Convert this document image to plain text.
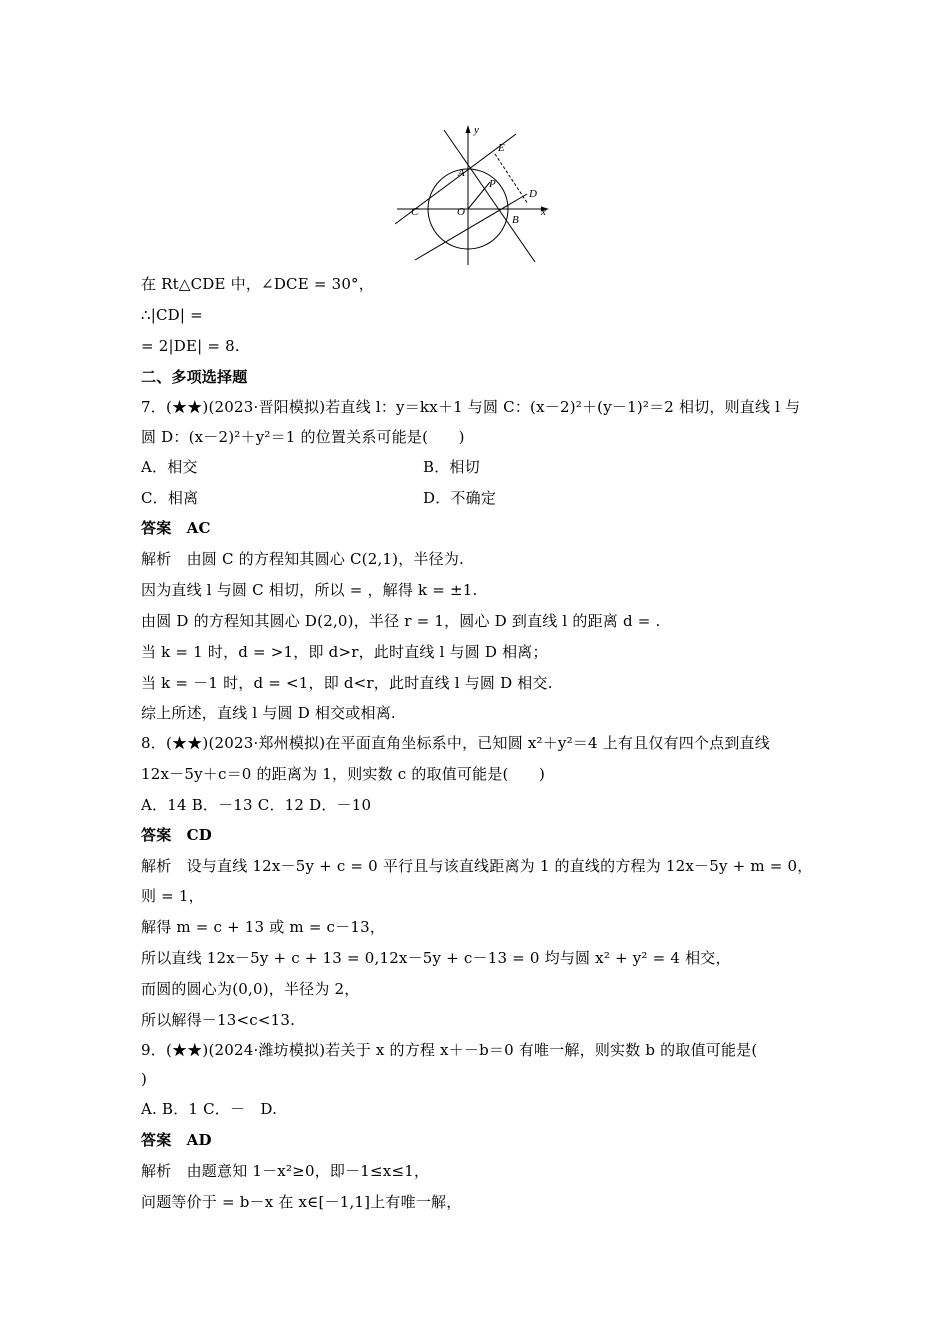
y
x
E
A
P
D
C	O
B
在 Rt△CDE 中，∠DCE = 30°，
∴|CD| =
= 2|DE| = 8.
二、多项选择题
7．(★★)(2023·晋阳模拟)若直线 l：y＝kx＋1 与圆 C：(x－2)²＋(y－1)²＝2 相切，则直线 l 与
圆 D：(x－2)²＋y²＝1 的位置关系可能是(　　)
A．相交	B．相切
C．相离	D．不确定
答案　AC
解析　由圆 C 的方程知其圆心 C(2,1)，半径为.
因为直线 l 与圆 C 相切，所以 = ，解得 k = ±1.
由圆 D 的方程知其圆心 D(2,0)，半径 r = 1，圆心 D 到直线 l 的距离 d = .
当 k = 1 时，d = >1，即 d>r，此时直线 l 与圆 D 相离；
当 k = －1 时，d = <1，即 d<r，此时直线 l 与圆 D 相交.
综上所述，直线 l 与圆 D 相交或相离.
8．(★★)(2023·郑州模拟)在平面直角坐标系中，已知圆 x²＋y²＝4 上有且仅有四个点到直线
12x－5y＋c＝0 的距离为 1，则实数 c 的取值可能是(　　)
A．14 B．－13 C．12 D．－10
答案　CD
解析　设与直线 12x－5y + c = 0 平行且与该直线距离为 1 的直线的方程为 12x－5y + m = 0，
则 = 1，
解得 m = c + 13 或 m = c－13，
所以直线 12x－5y + c + 13 = 0,12x－5y + c－13 = 0 均与圆 x² + y² = 4 相交，
而圆的圆心为(0,0)，半径为 2，
所以解得－13<c<13.
9．(★★)(2024·潍坊模拟)若关于 x 的方程 x＋－b＝0 有唯一解，则实数 b 的取值可能是(
)
A. B．1 C．－　D.
答案　AD
解析　由题意知 1－x²≥0，即－1≤x≤1，
问题等价于 = b－x 在 x∈[－1,1]上有唯一解，
